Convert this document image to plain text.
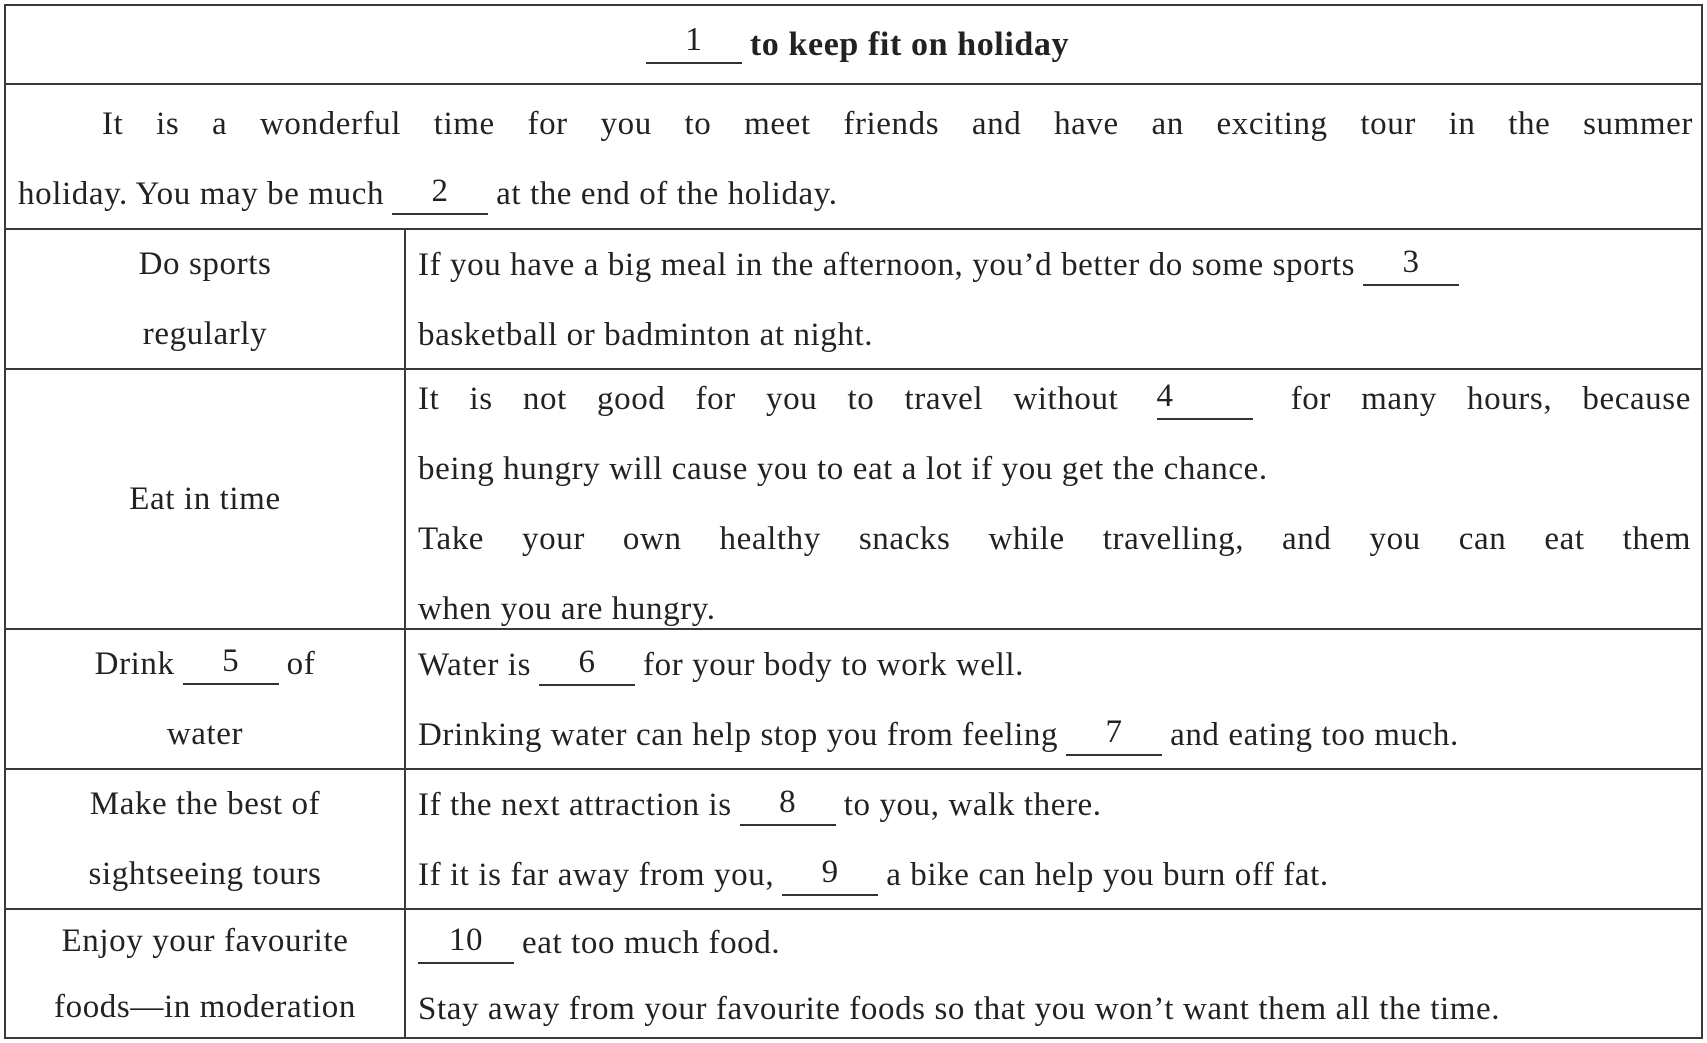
1	to keep fit on holiday
It is a wonderful time for you to meet friends and have an exciting tour in the summer
holiday. You may be much 2 at the end of the holiday.
Do sports
regularly
If you have a big meal in the afternoon, you’d better do some sports 3
basketball or badminton at night.
Eat in time
It is not good for you to travel without 4	for many hours, because
being hungry will cause you to eat a lot if you get the chance.
Take your own healthy snacks while travelling, and you can eat them
when you are hungry.
Drink 5 of
water
Water is 6 for your body to work well.
Drinking water can help stop you from feeling 7 and eating too much.
Make the best of
sightseeing tours
If the next attraction is 8 to you, walk there.
If it is far away from you, 9 a bike can help you burn off fat.
Enjoy your favourite
foods—in moderation
10 eat too much food.
Stay away from your favourite foods so that you won’t want them all the time.
